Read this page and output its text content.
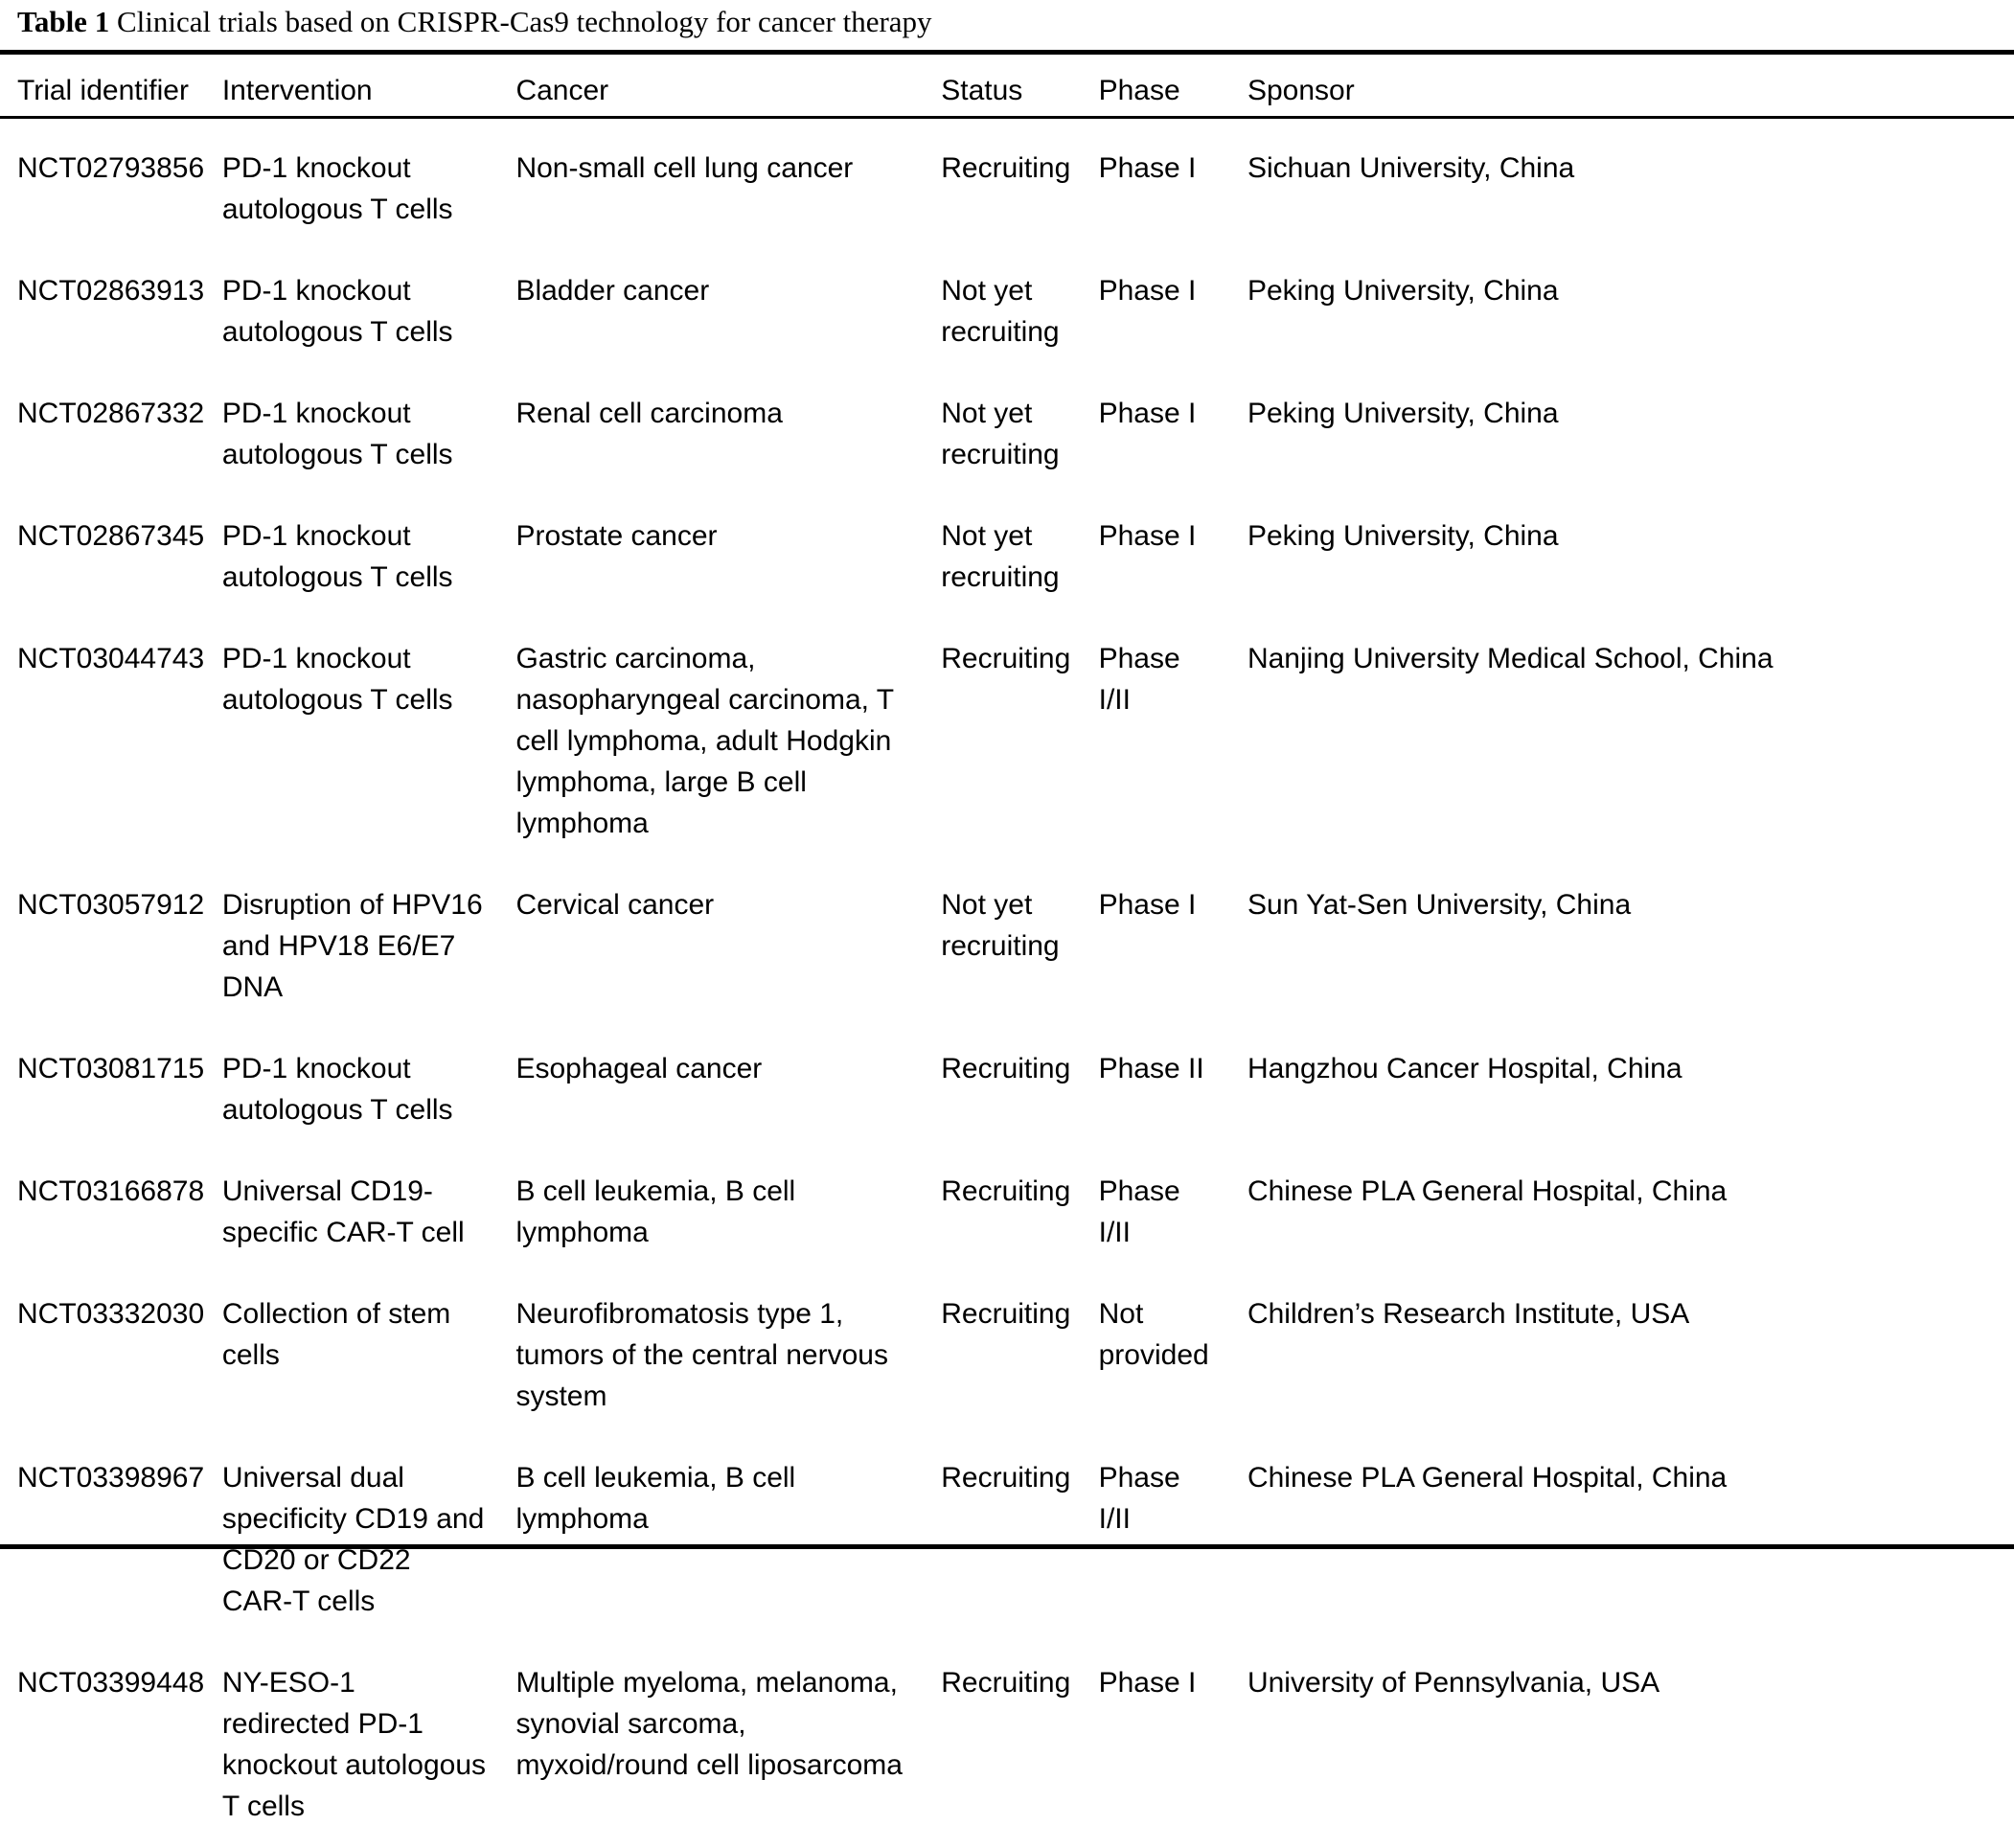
Table 1 Clinical trials based on CRISPR-Cas9 technology for cancer therapy
Trial identifier	Intervention	Cancer	Status	Phase	Sponsor
NCT02793856	PD-1 knockout autologous T cells	Non-small cell lung cancer	Recruiting	Phase I	Sichuan University, China
NCT02863913	PD-1 knockout autologous T cells	Bladder cancer	Not yet recruiting	Phase I	Peking University, China
NCT02867332	PD-1 knockout autologous T cells	Renal cell carcinoma	Not yet recruiting	Phase I	Peking University, China
NCT02867345	PD-1 knockout autologous T cells	Prostate cancer	Not yet recruiting	Phase I	Peking University, China
NCT03044743	PD-1 knockout autologous T cells	Gastric carcinoma, nasopharyngeal carcinoma, T cell lymphoma, adult Hodgkin lymphoma, large B cell lymphoma	Recruiting	Phase I/II	Nanjing University Medical School, China
NCT03057912	Disruption of HPV16 and HPV18 E6/E7 DNA	Cervical cancer	Not yet recruiting	Phase I	Sun Yat-Sen University, China
NCT03081715	PD-1 knockout autologous T cells	Esophageal cancer	Recruiting	Phase II	Hangzhou Cancer Hospital, China
NCT03166878	Universal CD19-specific CAR-T cell	B cell leukemia, B cell lymphoma	Recruiting	Phase I/II	Chinese PLA General Hospital, China
NCT03332030	Collection of stem cells	Neurofibromatosis type 1, tumors of the central nervous system	Recruiting	Not provided	Children’s Research Institute, USA
NCT03398967	Universal dual specificity CD19 and CD20 or CD22 CAR-T cells	B cell leukemia, B cell lymphoma	Recruiting	Phase I/II	Chinese PLA General Hospital, China
NCT03399448	NY-ESO-1 redirected PD-1 knockout autologous T cells	Multiple myeloma, melanoma, synovial sarcoma, myxoid/round cell liposarcoma	Recruiting	Phase I	University of Pennsylvania, USA
